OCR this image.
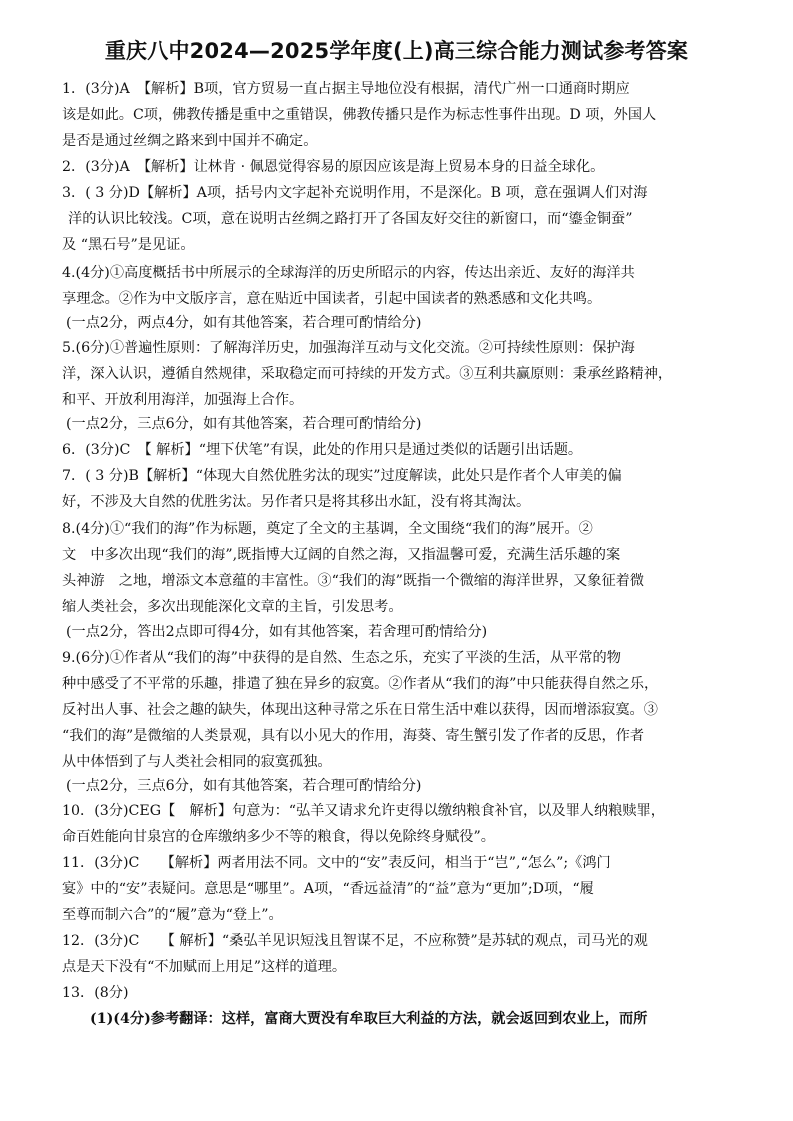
重庆八中2024—2025学年度(上)高三综合能力测试参考答案
1．(3分)A　【解析】B项，官方贸易一直占据主导地位没有根据，清代广州一口通商时期应
该是如此。C项，佛教传播是重中之重错误，佛教传播只是作为标志性事件出现。D 项，外国人
是否是通过丝绸之路来到中国并不确定。
2．(3分)A　【解析】让林肯 · 佩恩觉得容易的原因应该是海上贸易本身的日益全球化。
3．( 3 分)D【解析】A项，括号内文字起补充说明作用，不是深化。B 项，意在强调人们对海
洋的认识比较浅。C项，意在说明古丝绸之路打开了各国友好交往的新窗口，而“鎏金铜蚕”
及 “黑石号”是见证。
4.(4分)①高度概括书中所展示的全球海洋的历史所昭示的内容，传达出亲近、友好的海洋共
享理念。②作为中文版序言，意在贴近中国读者，引起中国读者的熟悉感和文化共鸣。
(一点2分，两点4分，如有其他答案，若合理可酌情给分)
5.(6分)①普遍性原则：了解海洋历史，加强海洋互动与文化交流。②可持续性原则：保护海
洋，深入认识，遵循自然规律，采取稳定而可持续的开发方式。③互利共赢原则：秉承丝路精神，
和平、开放利用海洋，加强海上合作。
(一点2分，三点6分，如有其他答案，若合理可酌情给分)
6．(3分)C　【 解析】“埋下伏笔”有误，此处的作用只是通过类似的话题引出话题。
7．( 3 分)B【解析】“体现大自然优胜劣汰的现实”过度解读，此处只是作者个人审美的偏
好，不涉及大自然的优胜劣汰。另作者只是将其移出水缸，没有将其淘汰。
8.(4分)①“我们的海”作为标题，奠定了全文的主基调，全文围绕“我们的海”展开。②
文　中多次出现“我们的海”,既指博大辽阔的自然之海，又指温馨可爱，充满生活乐趣的案
头神游　之地，增添文本意蕴的丰富性。③“我们的海”既指一个微缩的海洋世界，又象征着微
缩人类社会，多次出现能深化文章的主旨，引发思考。
(一点2分，答出2点即可得4分，如有其他答案，若舍理可酌情给分)
9.(6分)①作者从“我们的海”中获得的是自然、生态之乐，充实了平淡的生活，从平常的物
种中感受了不平常的乐趣，排遣了独在异乡的寂寞。②作者从“我们的海”中只能获得自然之乐，
反衬出人事、社会之趣的缺失，体现出这种寻常之乐在日常生活中难以获得，因而增添寂寞。③
“我们的海”是微缩的人类景观，具有以小见大的作用，海葵、寄生蟹引发了作者的反思，作者
从中体悟到了与人类社会相同的寂寞孤独。
(一点2分，三点6分，如有其他答案，若合理可酌情给分)
10．(3分)CEG【　解析】句意为：“弘羊又请求允许吏得以缴纳粮食补官，以及罪人纳粮赎罪，
命百姓能向甘泉宫的仓库缴纳多少不等的粮食，得以免除终身赋役”。
11．(3分)C　　【解析】两者用法不同。文中的“安”表反问，相当于“岂”,“怎么”;《鸿门
宴》中的“安”表疑问。意思是“哪里”。A项，“香远益清”的“益”意为“更加”;D项，“履
至尊而制六合”的“履”意为“登上”。
12．(3分)C　　【 解析】“桑弘羊见识短浅且智谋不足，不应称赞”是苏轼的观点，司马光的观
点是天下没有“不加赋而上用足”这样的道理。
13．(8分)
(1)(4分)参考翻译：这样，富商大贾没有牟取巨大利益的方法，就会返回到农业上，而所
